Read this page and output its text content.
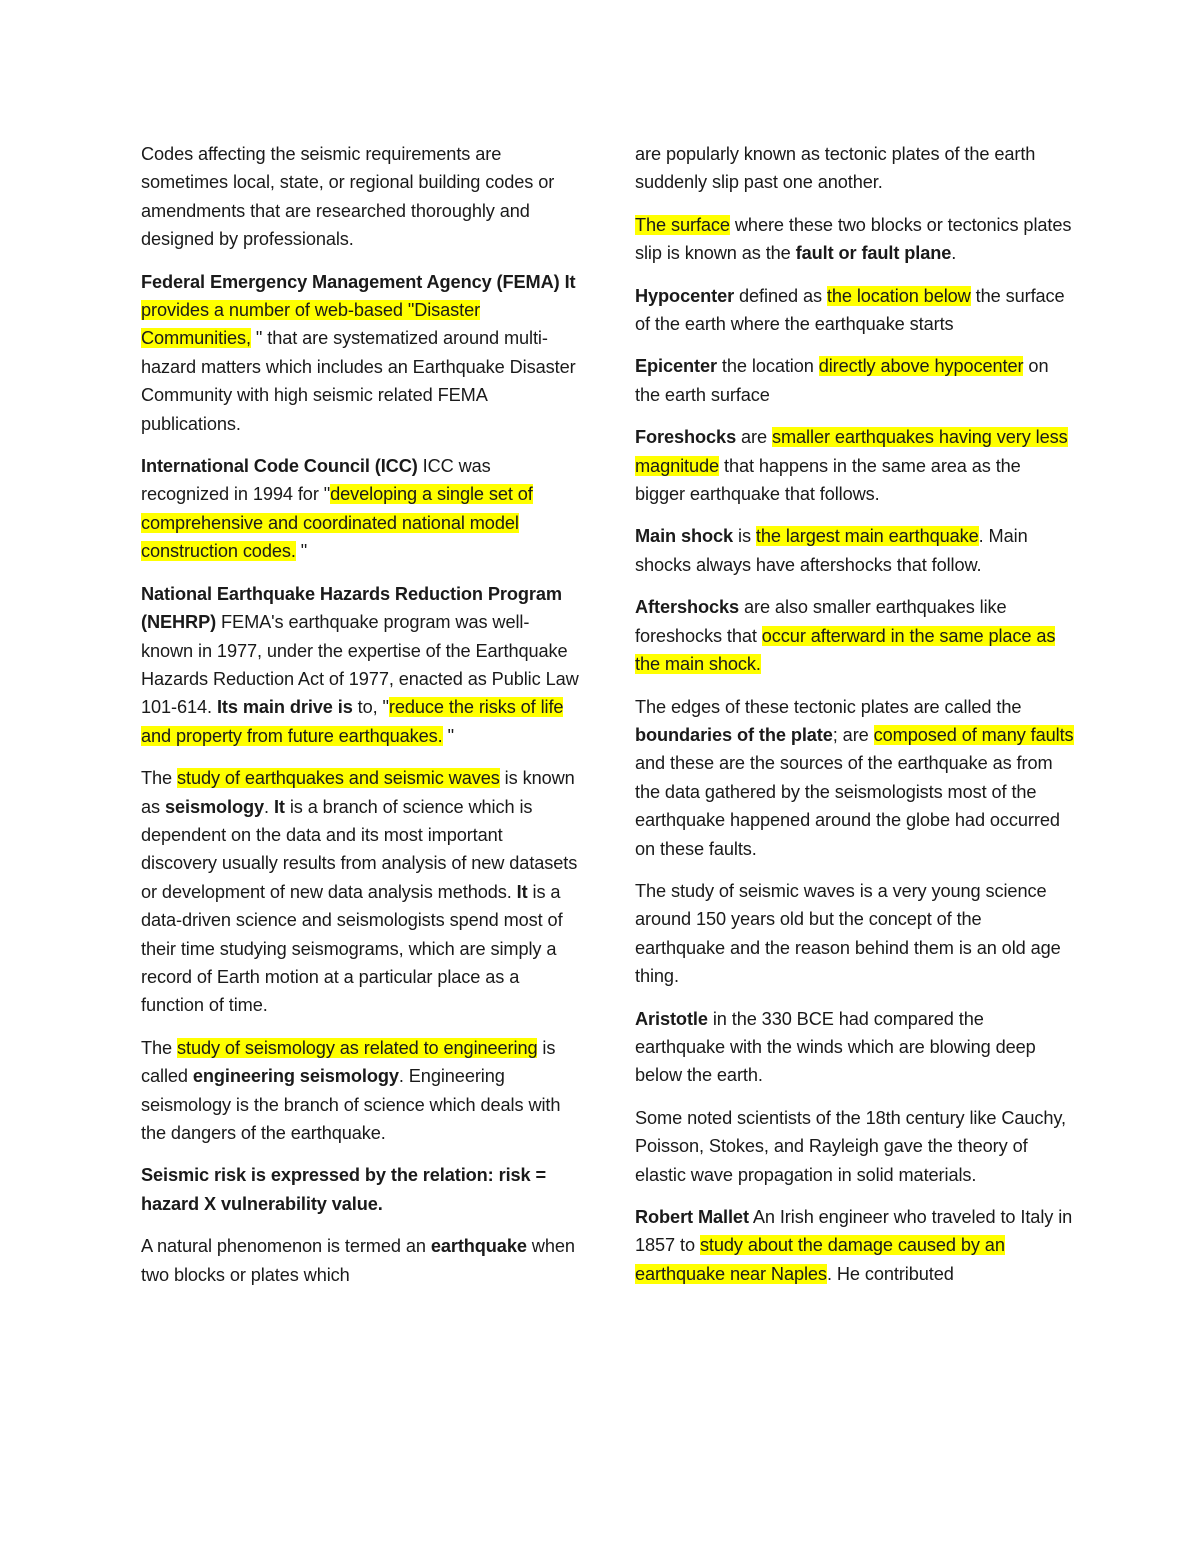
Codes affecting the seismic requirements are sometimes local, state, or regional building codes or amendments that are researched thoroughly and designed by professionals.

Federal Emergency Management Agency (FEMA) It provides a number of web-based "Disaster Communities, " that are systematized around multi-hazard matters which includes an Earthquake Disaster Community with high seismic related FEMA publications.

International Code Council (ICC) ICC was recognized in 1994 for "developing a single set of comprehensive and coordinated national model construction codes. "

National Earthquake Hazards Reduction Program (NEHRP) FEMA's earthquake program was well-known in 1977, under the expertise of the Earthquake Hazards Reduction Act of 1977, enacted as Public Law 101-614. Its main drive is to, "reduce the risks of life and property from future earthquakes. "

The study of earthquakes and seismic waves is known as seismology. It is a branch of science which is dependent on the data and its most important discovery usually results from analysis of new datasets or development of new data analysis methods. It is a data-driven science and seismologists spend most of their time studying seismograms, which are simply a record of Earth motion at a particular place as a function of time.

The study of seismology as related to engineering is called engineering seismology. Engineering seismology is the branch of science which deals with the dangers of the earthquake.

Seismic risk is expressed by the relation: risk = hazard X vulnerability value.

A natural phenomenon is termed an earthquake when two blocks or plates which

are popularly known as tectonic plates of the earth suddenly slip past one another.

The surface where these two blocks or tectonics plates slip is known as the fault or fault plane.

Hypocenter defined as the location below the surface of the earth where the earthquake starts

Epicenter the location directly above hypocenter on the earth surface

Foreshocks are smaller earthquakes having very less magnitude that happens in the same area as the bigger earthquake that follows.

Main shock is the largest main earthquake. Main shocks always have aftershocks that follow.

Aftershocks are also smaller earthquakes like foreshocks that occur afterward in the same place as the main shock.

The edges of these tectonic plates are called the boundaries of the plate; are composed of many faults and these are the sources of the earthquake as from the data gathered by the seismologists most of the earthquake happened around the globe had occurred on these faults.

The study of seismic waves is a very young science around 150 years old but the concept of the earthquake and the reason behind them is an old age thing.

Aristotle in the 330 BCE had compared the earthquake with the winds which are blowing deep below the earth.

Some noted scientists of the 18th century like Cauchy, Poisson, Stokes, and Rayleigh gave the theory of elastic wave propagation in solid materials.

Robert Mallet An Irish engineer who traveled to Italy in 1857 to study about the damage caused by an earthquake near Naples. He contributed
